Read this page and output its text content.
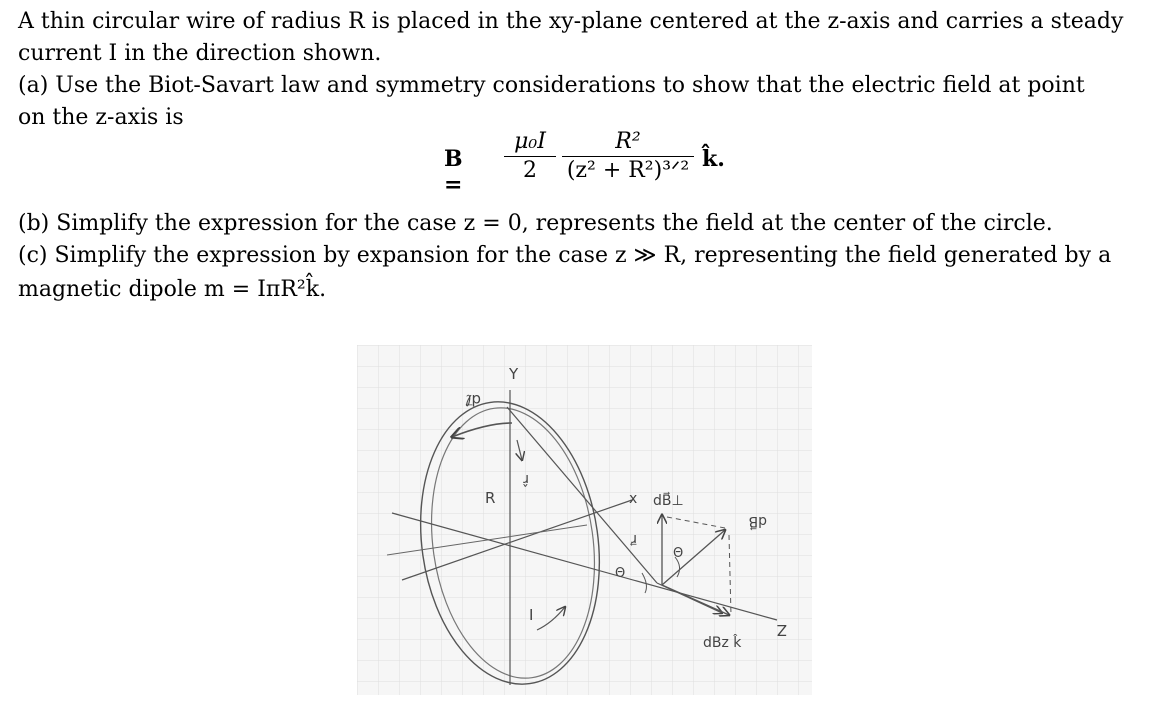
A thin circular wire of radius R is placed in the xy-plane centered at the z-axis and carries a steady
current I in the direction shown.
(a) Use the Biot-Savart law and symmetry considerations to show that the electric field at point
on the z-axis is
B =
μ₀I
2
R²
(z² + R²)³ᐟ² k̂.
(b) Simplify the expression for the case z = 0, represents the field at the center of the circle.
(c) Simplify the expression by expansion for the case z ≫ R, representing the field generated by a
magnetic dipole m = IπR²k̂.
Y
Z
x
dℓ⃗
r̂
R
r⃗
dB⃗⊥
dB⃗
dBz k̂
Θ
Θ
I
